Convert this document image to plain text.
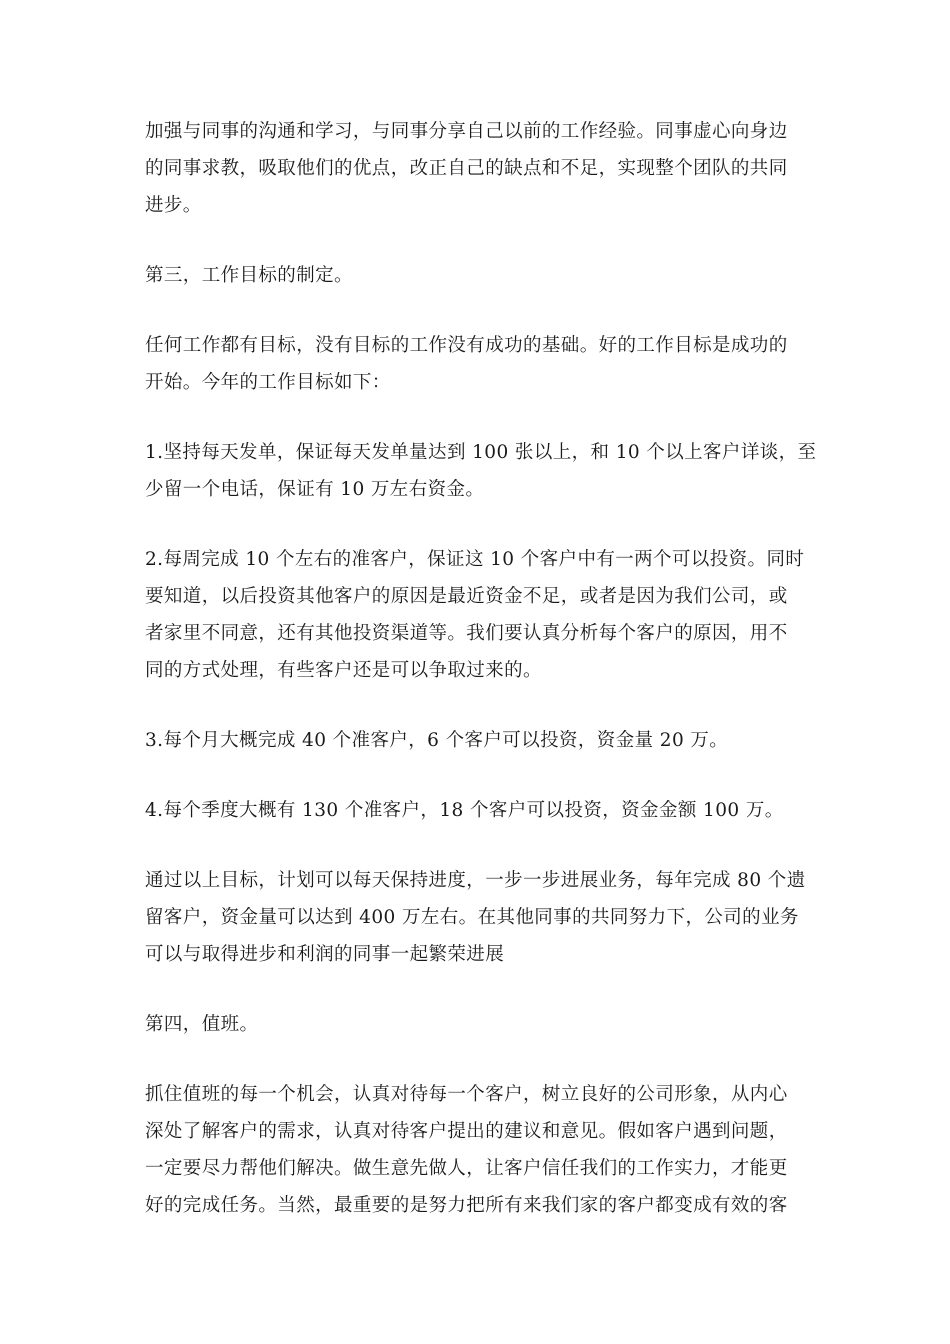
加强与同事的沟通和学习，与同事分享自己以前的工作经验。同事虚心向身边
的同事求教，吸取他们的优点，改正自己的缺点和不足，实现整个团队的共同
进步。

第三，工作目标的制定。

任何工作都有目标，没有目标的工作没有成功的基础。好的工作目标是成功的
开始。今年的工作目标如下：

1.坚持每天发单，保证每天发单量达到 100 张以上，和 10 个以上客户详谈，至
少留一个电话，保证有 10 万左右资金。

2.每周完成 10 个左右的准客户，保证这 10 个客户中有一两个可以投资。同时
要知道，以后投资其他客户的原因是最近资金不足，或者是因为我们公司，或
者家里不同意，还有其他投资渠道等。我们要认真分析每个客户的原因，用不
同的方式处理，有些客户还是可以争取过来的。

3.每个月大概完成 40 个准客户，6 个客户可以投资，资金量 20 万。

4.每个季度大概有 130 个准客户，18 个客户可以投资，资金金额 100 万。

通过以上目标，计划可以每天保持进度，一步一步进展业务，每年完成 80 个遗
留客户，资金量可以达到 400 万左右。在其他同事的共同努力下，公司的业务
可以与取得进步和利润的同事一起繁荣进展

第四，值班。

抓住值班的每一个机会，认真对待每一个客户，树立良好的公司形象，从内心
深处了解客户的需求，认真对待客户提出的建议和意见。假如客户遇到问题，
一定要尽力帮他们解决。做生意先做人，让客户信任我们的工作实力，才能更
好的完成任务。当然，最重要的是努力把所有来我们家的客户都变成有效的客
